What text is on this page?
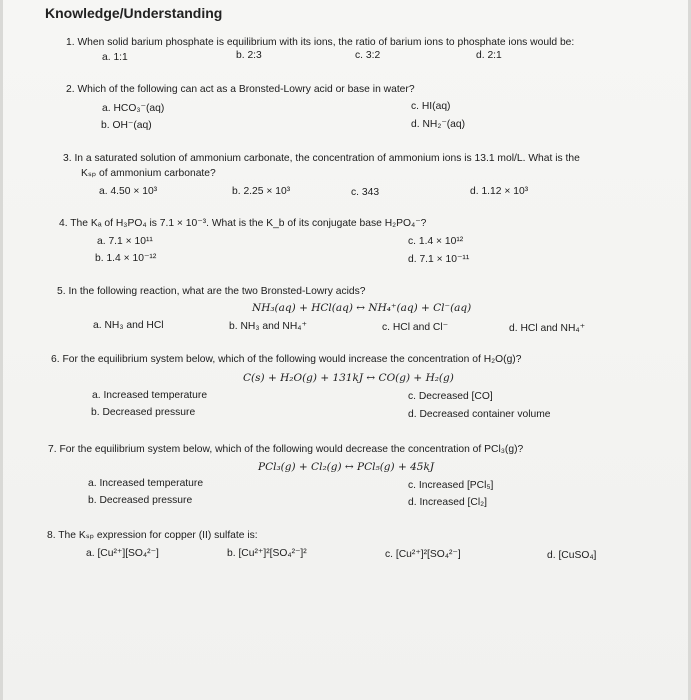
Knowledge/Understanding
1. When solid barium phosphate is equilibrium with its ions, the ratio of barium ions to phosphate ions would be:
a. 1:1	b. 2:3	c. 3:2	d. 2:1
2. Which of the following can act as a Bronsted-Lowry acid or base in water?
a. HCO₃⁻(aq)	c. HI(aq)
b. OH⁻(aq)	d. NH₂⁻(aq)
3. In a saturated solution of ammonium carbonate, the concentration of ammonium ions is 13.1 mol/L. What is the
Kₛₚ of ammonium carbonate?
a. 4.50 × 10³	b. 2.25 × 10³	c. 343	d. 1.12 × 10³
4. The Kₐ of H₃PO₄ is 7.1 × 10⁻³. What is the K_b of its conjugate base H₂PO₄⁻?
a. 7.1 × 10¹¹	c. 1.4 × 10¹²
b. 1.4 × 10⁻¹²	d. 7.1 × 10⁻¹¹
5. In the following reaction, what are the two Bronsted-Lowry acids?
NH₃(aq) + HCl(aq) ↔ NH₄⁺(aq) + Cl⁻(aq)
a. NH₃ and HCl	b. NH₃ and NH₄⁺	c. HCl and Cl⁻	d. HCl and NH₄⁺
6. For the equilibrium system below, which of the following would increase the concentration of H₂O(g)?
C(s) + H₂O(g) + 131kJ ↔ CO(g) + H₂(g)
a. Increased temperature	c. Decreased [CO]
b. Decreased pressure	d. Decreased container volume
7. For the equilibrium system below, which of the following would decrease the concentration of PCl₃(g)?
PCl₃(g) + Cl₂(g) ↔ PCl₅(g) + 45kJ
a. Increased temperature	c. Increased [PCl₅]
b. Decreased pressure	d. Increased [Cl₂]
8. The Kₛₚ expression for copper (II) sulfate is:
a. [Cu²⁺][SO₄²⁻]	b. [Cu²⁺]²[SO₄²⁻]²	c. [Cu²⁺]²[SO₄²⁻]	d. [CuSO₄]
